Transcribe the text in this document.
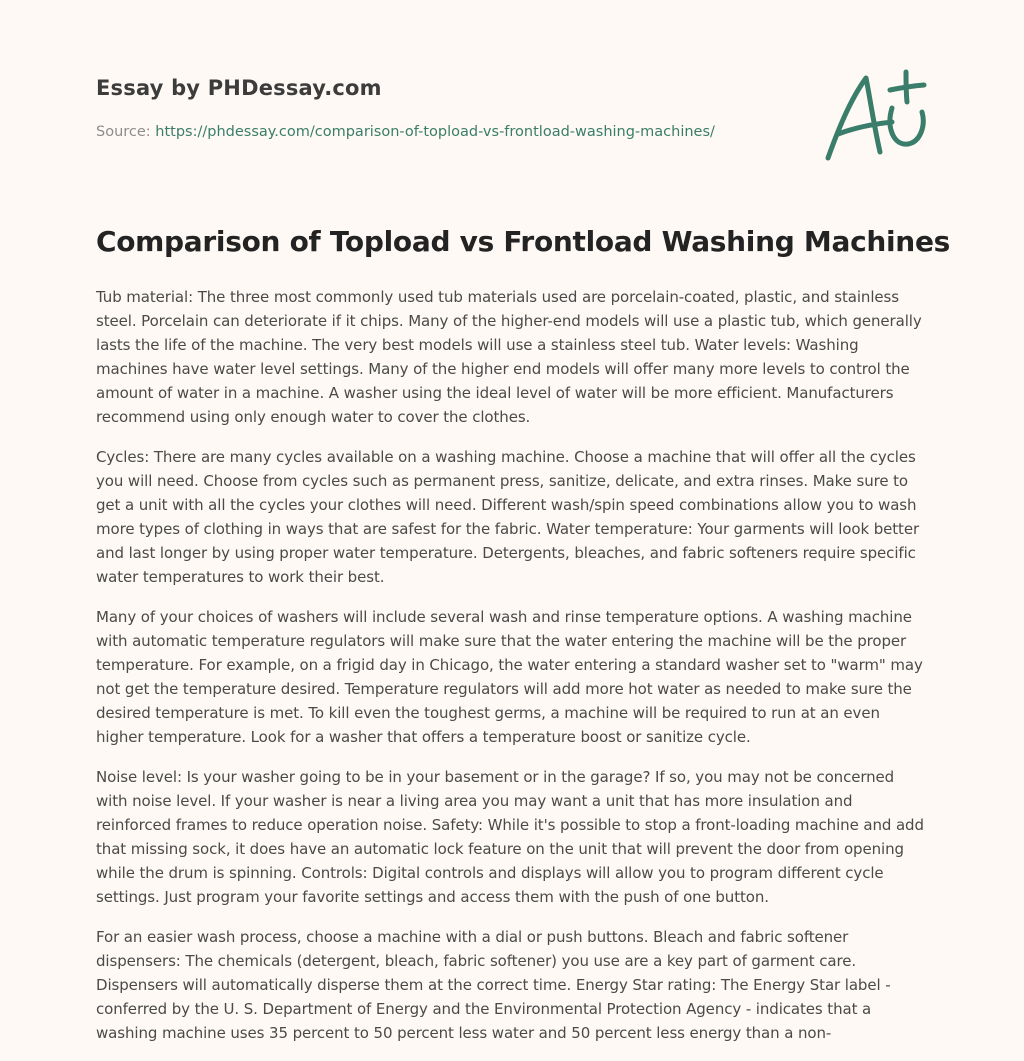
Essay by PHDessay.com
Source: https://phdessay.com/comparison-of-topload-vs-frontload-washing-machines/
Comparison of Topload vs Frontload Washing Machines

Tub material: The three most commonly used tub materials used are porcelain-coated, plastic, and stainless steel. Porcelain can deteriorate if it chips. Many of the higher-end models will use a plastic tub, which generally lasts the life of the machine. The very best models will use a stainless steel tub. Water levels: Washing machines have water level settings. Many of the higher end models will offer many more levels to control the amount of water in a machine. A washer using the ideal level of water will be more efficient. Manufacturers recommend using only enough water to cover the clothes.

Cycles: There are many cycles available on a washing machine. Choose a machine that will offer all the cycles you will need. Choose from cycles such as permanent press, sanitize, delicate, and extra rinses. Make sure to get a unit with all the cycles your clothes will need. Different wash/spin speed combinations allow you to wash more types of clothing in ways that are safest for the fabric. Water temperature: Your garments will look better and last longer by using proper water temperature. Detergents, bleaches, and fabric softeners require specific water temperatures to work their best.

Many of your choices of washers will include several wash and rinse temperature options. A washing machine with automatic temperature regulators will make sure that the water entering the machine will be the proper temperature. For example, on a frigid day in Chicago, the water entering a standard washer set to "warm" may not get the temperature desired. Temperature regulators will add more hot water as needed to make sure the desired temperature is met. To kill even the toughest germs, a machine will be required to run at an even higher temperature. Look for a washer that offers a temperature boost or sanitize cycle.

Noise level: Is your washer going to be in your basement or in the garage? If so, you may not be concerned with noise level. If your washer is near a living area you may want a unit that has more insulation and reinforced frames to reduce operation noise. Safety: While it's possible to stop a front-loading machine and add that missing sock, it does have an automatic lock feature on the unit that will prevent the door from opening while the drum is spinning. Controls: Digital controls and displays will allow you to program different cycle settings. Just program your favorite settings and access them with the push of one button.

For an easier wash process, choose a machine with a dial or push buttons. Bleach and fabric softener dispensers: The chemicals (detergent, bleach, fabric softener) you use are a key part of garment care. Dispensers will automatically disperse them at the correct time. Energy Star rating: The Energy Star label - conferred by the U. S. Department of Energy and the Environmental Protection Agency - indicates that a washing machine uses 35 percent to 50 percent less water and 50 percent less energy than a non-
